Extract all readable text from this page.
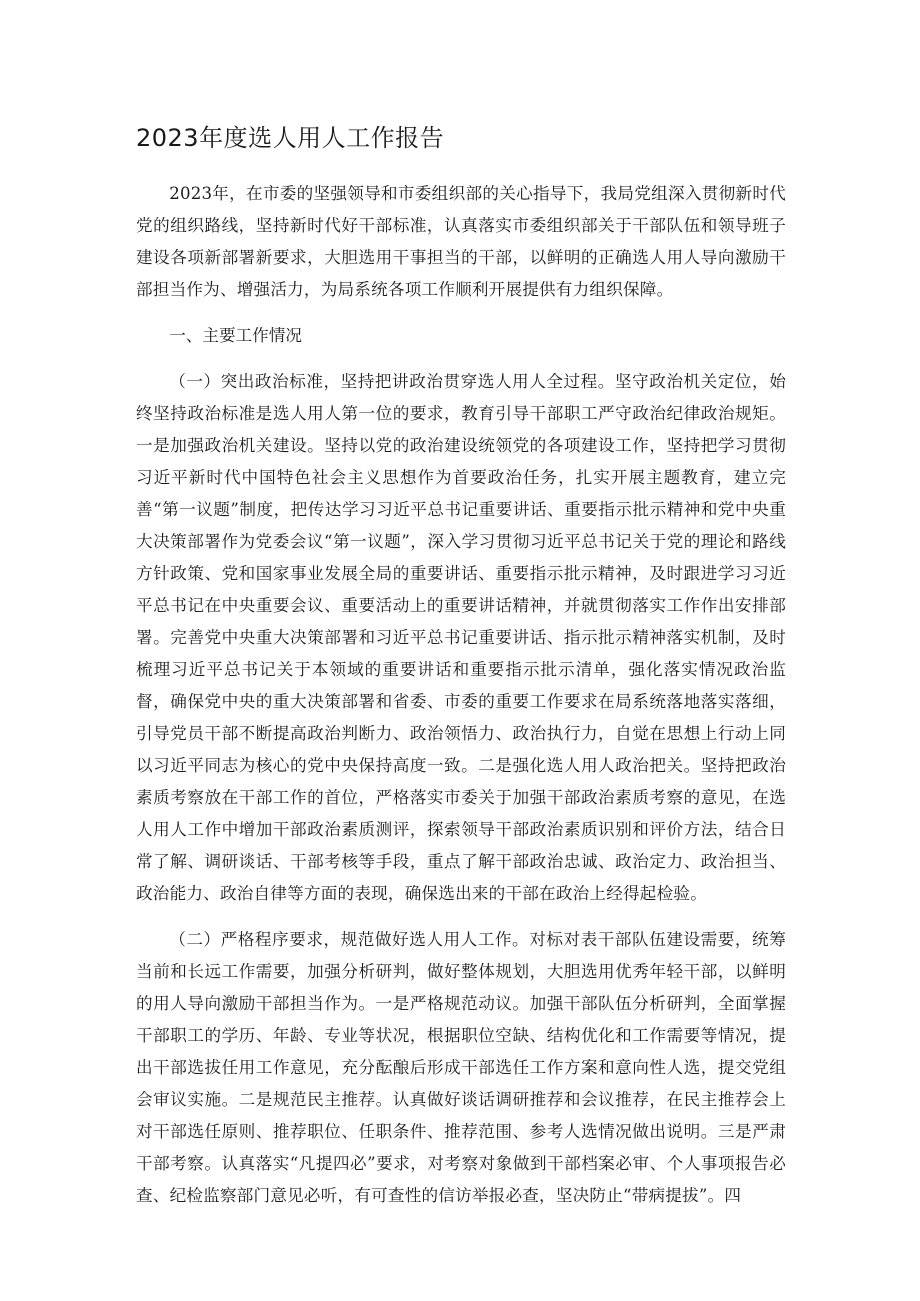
2023年度选人用人工作报告

2023年，在市委的坚强领导和市委组织部的关心指导下，我局党组深入贯彻新时代党的组织路线，坚持新时代好干部标准，认真落实市委组织部关于干部队伍和领导班子建设各项新部署新要求，大胆选用干事担当的干部，以鲜明的正确选人用人导向激励干部担当作为、增强活力，为局系统各项工作顺利开展提供有力组织保障。

一、主要工作情况

（一）突出政治标准，坚持把讲政治贯穿选人用人全过程。坚守政治机关定位，始终坚持政治标准是选人用人第一位的要求，教育引导干部职工严守政治纪律政治规矩。一是加强政治机关建设。坚持以党的政治建设统领党的各项建设工作，坚持把学习贯彻习近平新时代中国特色社会主义思想作为首要政治任务，扎实开展主题教育，建立完善“第一议题”制度，把传达学习习近平总书记重要讲话、重要指示批示精神和党中央重大决策部署作为党委会议“第一议题”，深入学习贯彻习近平总书记关于党的理论和路线方针政策、党和国家事业发展全局的重要讲话、重要指示批示精神，及时跟进学习习近平总书记在中央重要会议、重要活动上的重要讲话精神，并就贯彻落实工作作出安排部署。完善党中央重大决策部署和习近平总书记重要讲话、指示批示精神落实机制，及时梳理习近平总书记关于本领域的重要讲话和重要指示批示清单，强化落实情况政治监督，确保党中央的重大决策部署和省委、市委的重要工作要求在局系统落地落实落细，引导党员干部不断提高政治判断力、政治领悟力、政治执行力，自觉在思想上行动上同以习近平同志为核心的党中央保持高度一致。二是强化选人用人政治把关。坚持把政治素质考察放在干部工作的首位，严格落实市委关于加强干部政治素质考察的意见，在选人用人工作中增加干部政治素质测评，探索领导干部政治素质识别和评价方法，结合日常了解、调研谈话、干部考核等手段，重点了解干部政治忠诚、政治定力、政治担当、政治能力、政治自律等方面的表现，确保选出来的干部在政治上经得起检验。

（二）严格程序要求，规范做好选人用人工作。对标对表干部队伍建设需要，统筹当前和长远工作需要，加强分析研判，做好整体规划，大胆选用优秀年轻干部，以鲜明的用人导向激励干部担当作为。一是严格规范动议。加强干部队伍分析研判，全面掌握干部职工的学历、年龄、专业等状况，根据职位空缺、结构优化和工作需要等情况，提出干部选拔任用工作意见，充分酝酿后形成干部选任工作方案和意向性人选，提交党组会审议实施。二是规范民主推荐。认真做好谈话调研推荐和会议推荐，在民主推荐会上对干部选任原则、推荐职位、任职条件、推荐范围、参考人选情况做出说明。三是严肃干部考察。认真落实“凡提四必”要求，对考察对象做到干部档案必审、个人事项报告必查、纪检监察部门意见必听，有可查性的信访举报必查，坚决防止“带病提拔”。四
